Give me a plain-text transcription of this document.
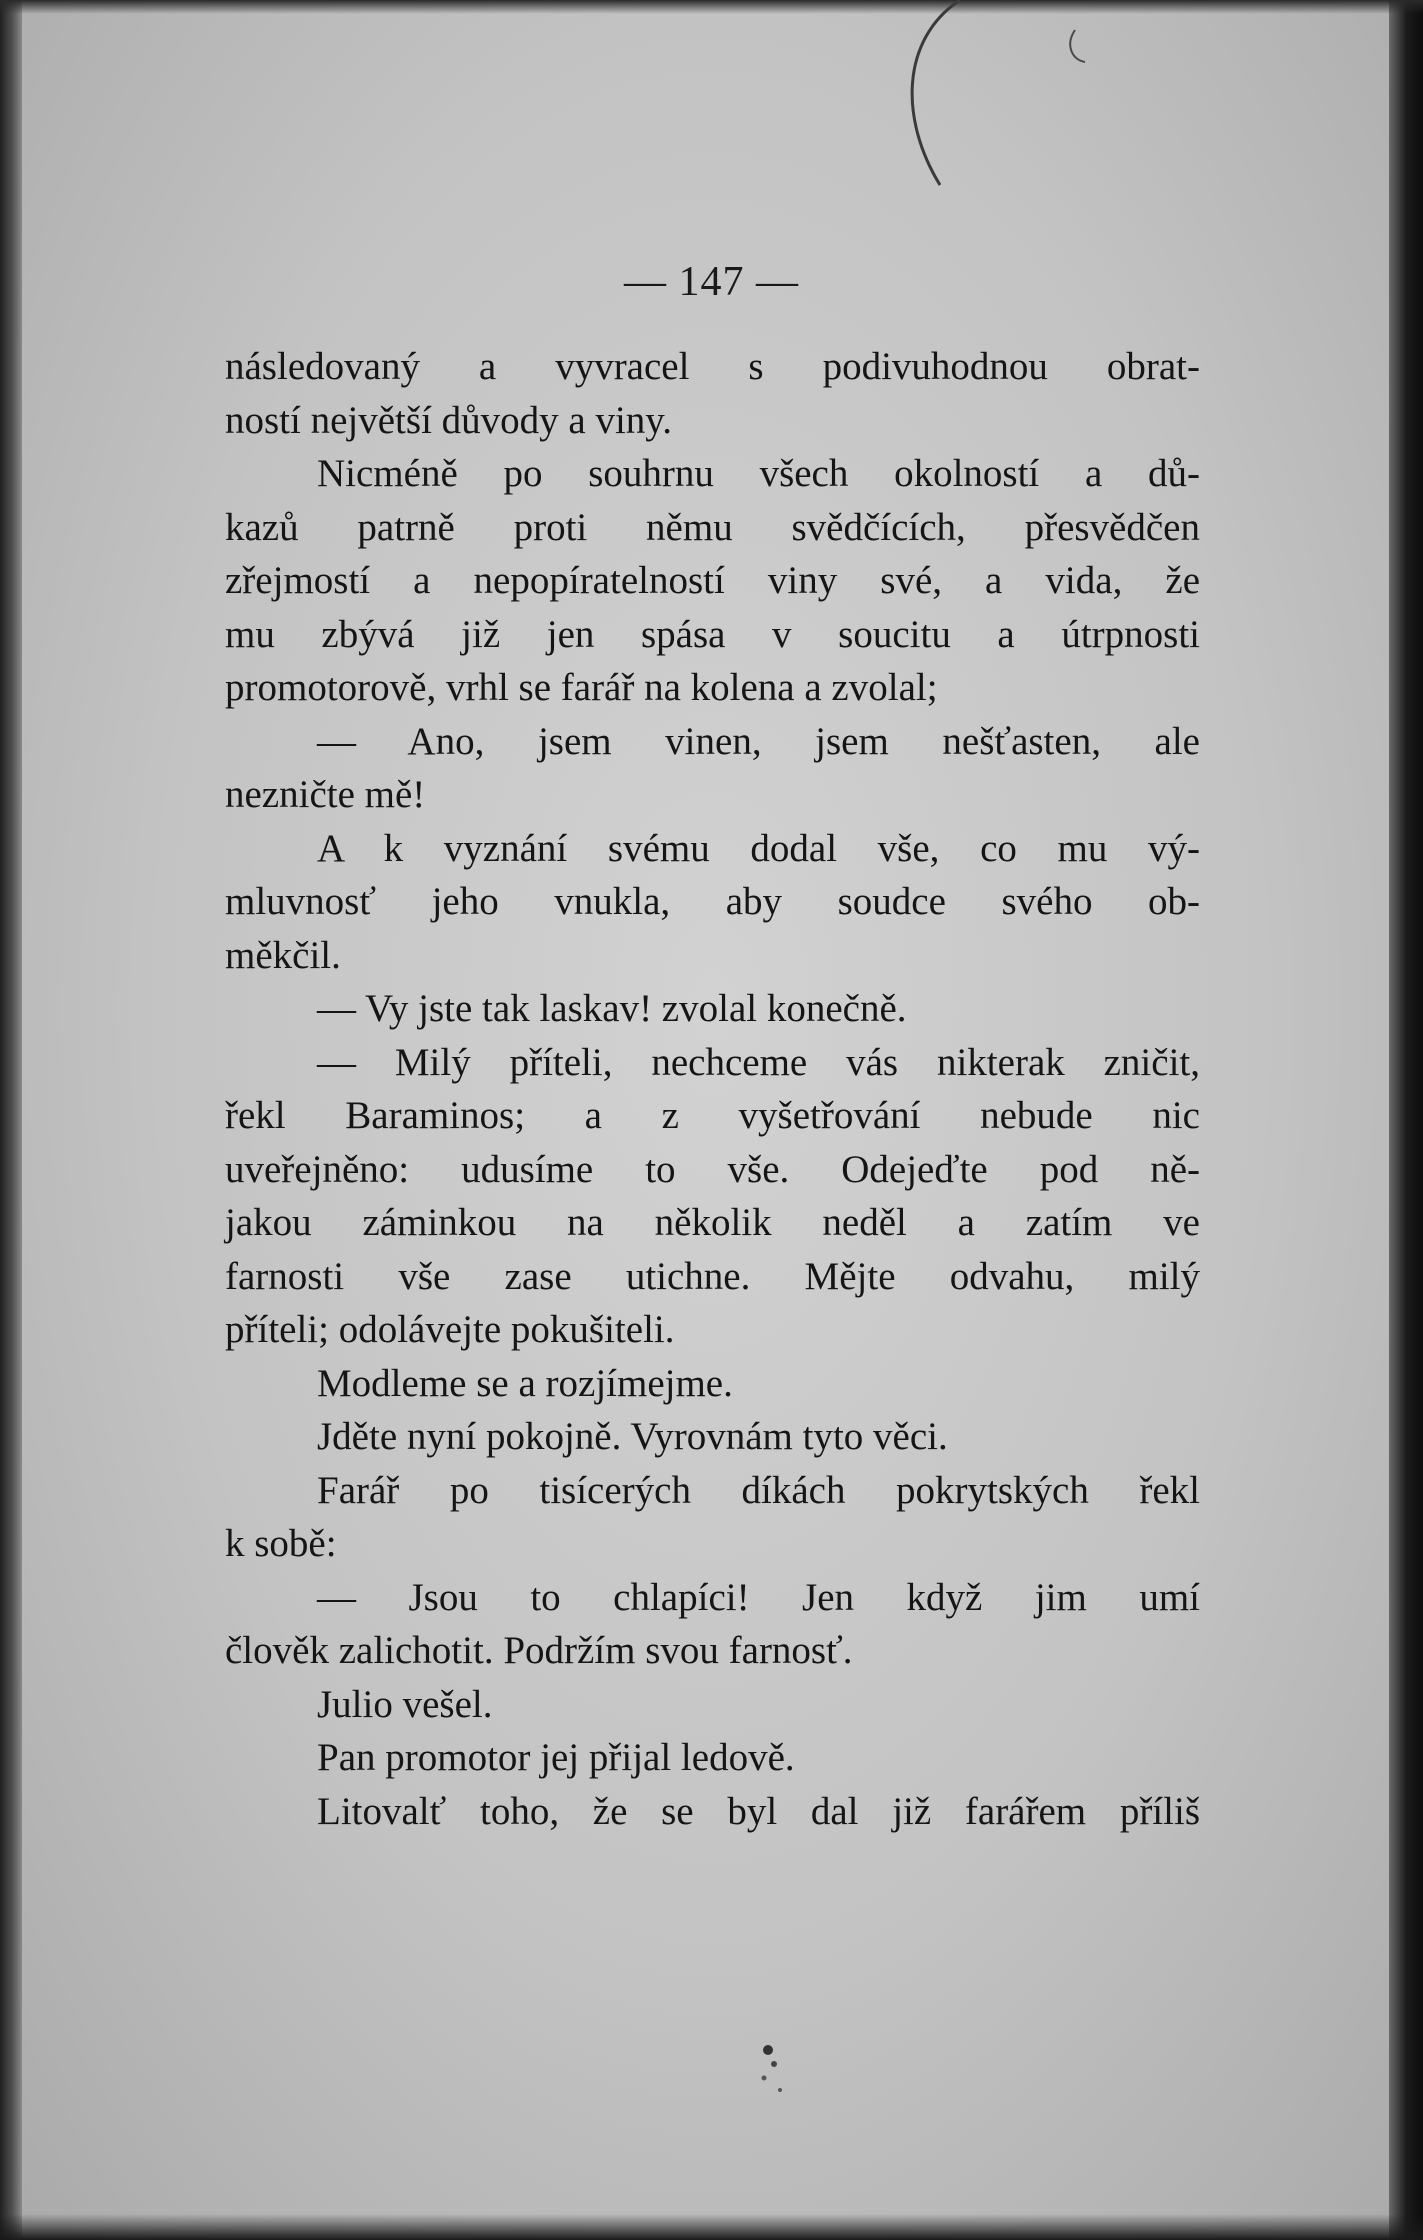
— 147 —
následovaný a vyvracel s podivuhodnou obrat-
ností největší důvody a viny.
Nicméně po souhrnu všech okolností a dů-
kazů patrně proti němu svědčících, přesvědčen
zřejmostí a nepopíratelností viny své, a vida, že
mu zbývá již jen spása v soucitu a útrpnosti
promotorově, vrhl se farář na kolena a zvolal;
— Ano, jsem vinen, jsem nešťasten, ale
nezničte mě!
A k vyznání svému dodal vše, co mu vý-
mluvnosť jeho vnukla, aby soudce svého ob-
měkčil.
— Vy jste tak laskav! zvolal konečně.
— Milý příteli, nechceme vás nikterak zničit,
řekl Baraminos; a z vyšetřování nebude nic
uveřejněno: udusíme to vše. Odejeďte pod ně-
jakou záminkou na několik neděl a zatím ve
farnosti vše zase utichne. Mějte odvahu, milý
příteli; odolávejte pokušiteli.
Modleme se a rozjímejme.
Jděte nyní pokojně. Vyrovnám tyto věci.
Farář po tisícerých díkách pokrytských řekl
k sobě:
— Jsou to chlapíci! Jen když jim umí
člověk zalichotit. Podržím svou farnosť.
Julio vešel.
Pan promotor jej přijal ledově.
Litovalť toho, že se byl dal již farářem příliš
